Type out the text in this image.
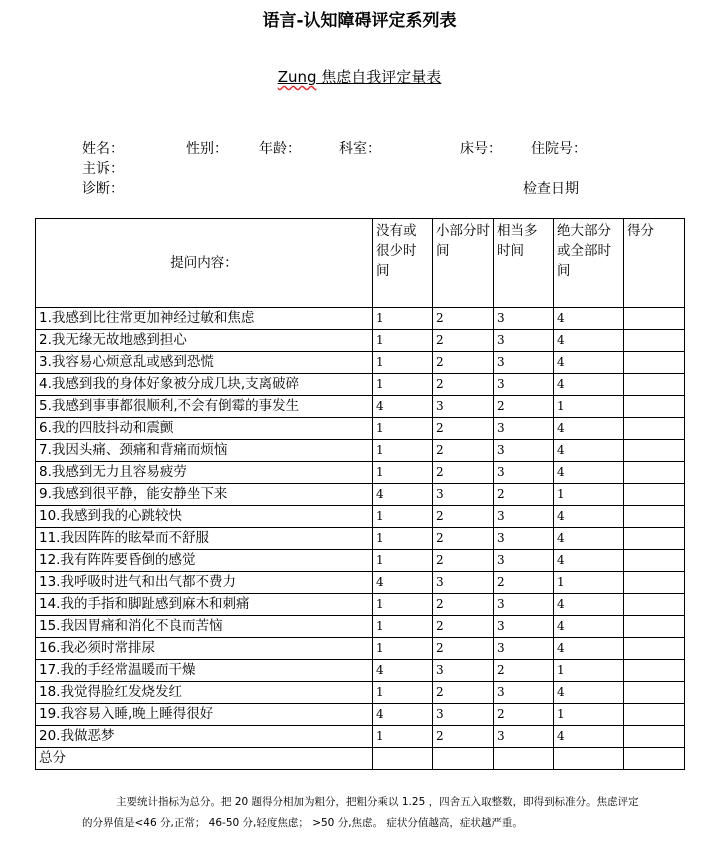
语言-认知障碍评定系列表
Zung 焦虑自我评定量表
姓名：	性别： 年龄：	科室：	床号： 住院号：
主诉：
诊断：	检查日期
提问内容：	没有或很少时间	小部分时间	相当多时间	绝大部分或全部时间	得分
1.我感到比往常更加神经过敏和焦虑	1	2	3	4	
2.我无缘无故地感到担心	1	2	3	4	
3.我容易心烦意乱或感到恐慌	1	2	3	4	
4.我感到我的身体好象被分成几块,支离破碎	1	2	3	4	
5.我感到事事都很顺利,不会有倒霉的事发生	4	3	2	1	
6.我的四肢抖动和震颤	1	2	3	4	
7.我因头痛、颈痛和背痛而烦恼	1	2	3	4	
8.我感到无力且容易疲劳	1	2	3	4	
9.我感到很平静，能安静坐下来	4	3	2	1	
10.我感到我的心跳较快	1	2	3	4	
11.我因阵阵的眩晕而不舒服	1	2	3	4	
12.我有阵阵要昏倒的感觉	1	2	3	4	
13.我呼吸时进气和出气都不费力	4	3	2	1	
14.我的手指和脚趾感到麻木和刺痛	1	2	3	4	
15.我因胃痛和消化不良而苦恼	1	2	3	4	
16.我必须时常排尿	1	2	3	4	
17.我的手经常温暖而干燥	4	3	2	1	
18.我觉得脸红发烧发红	1	2	3	4	
19.我容易入睡,晚上睡得很好	4	3	2	1	
20.我做恶梦	1	2	3	4	
总分					
主要统计指标为总分。把 20 题得分相加为粗分，把粗分乘以 1.25 ，四舍五入取整数，即得到标准分。焦虑评定的分界值是<46 分,正常； 46-50 分,轻度焦虑； >50 分,焦虑。 症状分值越高，症状越严重。
